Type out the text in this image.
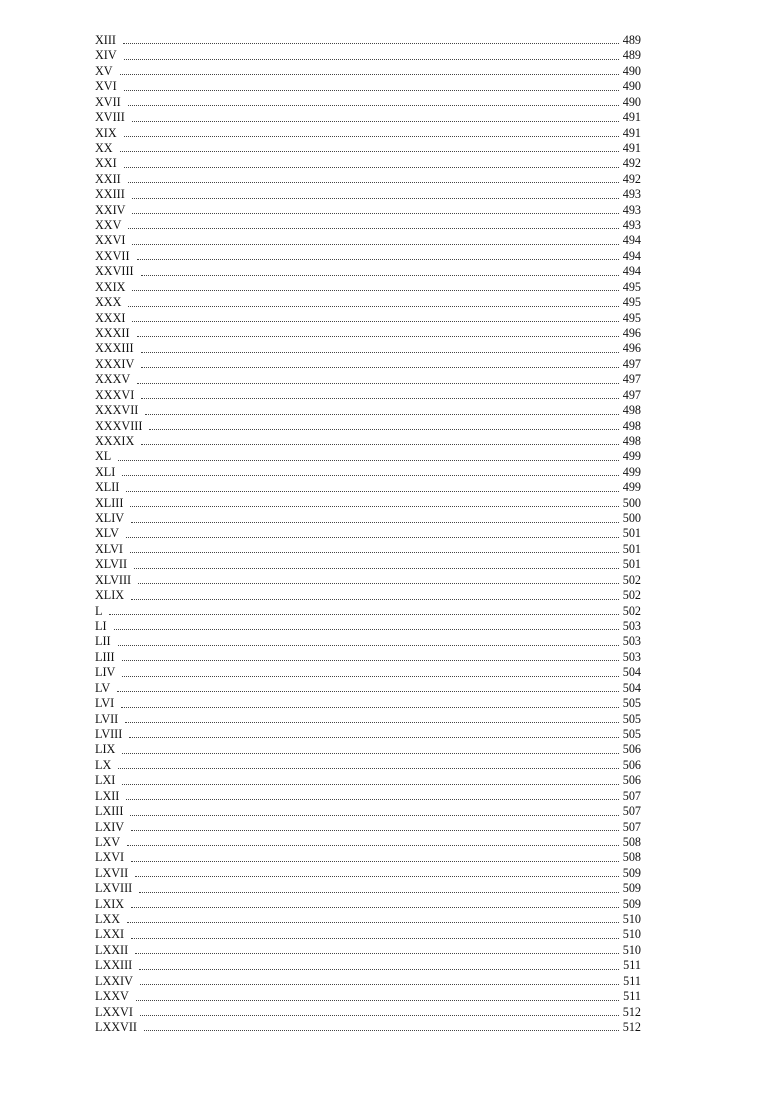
XIII	489
XIV	489
XV	490
XVI	490
XVII	490
XVIII	491
XIX	491
XX	491
XXI	492
XXII	492
XXIII	493
XXIV	493
XXV	493
XXVI	494
XXVII	494
XXVIII	494
XXIX	495
XXX	495
XXXI	495
XXXII	496
XXXIII	496
XXXIV	497
XXXV	497
XXXVI	497
XXXVII	498
XXXVIII	498
XXXIX	498
XL	499
XLI	499
XLII	499
XLIII	500
XLIV	500
XLV	501
XLVI	501
XLVII	501
XLVIII	502
XLIX	502
L	502
LI	503
LII	503
LIII	503
LIV	504
LV	504
LVI	505
LVII	505
LVIII	505
LIX	506
LX	506
LXI	506
LXII	507
LXIII	507
LXIV	507
LXV	508
LXVI	508
LXVII	509
LXVIII	509
LXIX	509
LXX	510
LXXI	510
LXXII	510
LXXIII	511
LXXIV	511
LXXV	511
LXXVI	512
LXXVII	512
